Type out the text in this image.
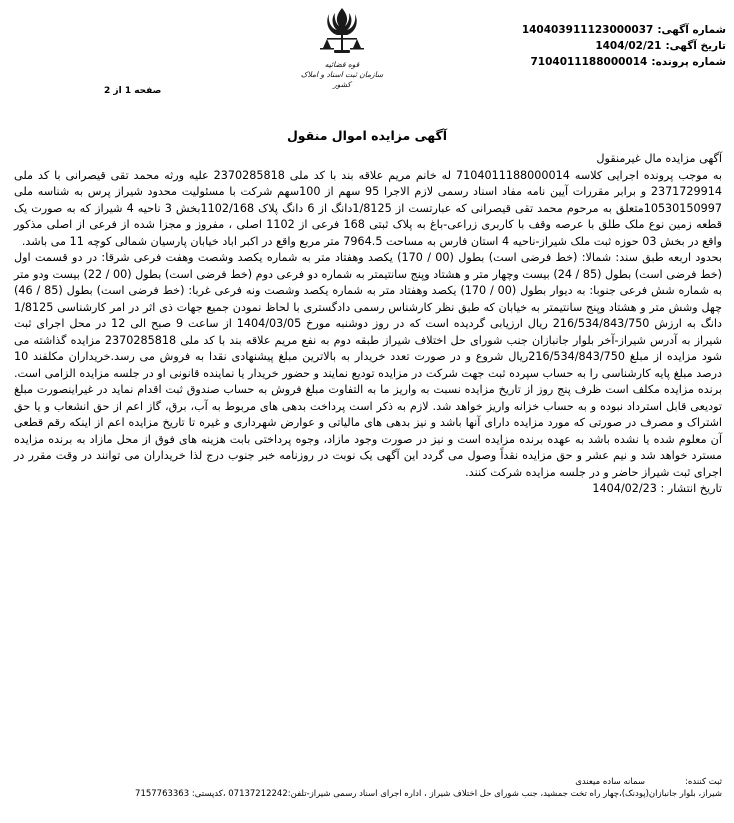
شماره آگهی:
140403911123000037
تاریخ آگهی:
1404/02/21
شماره پرونده:
7104011188000014
قوه قضائیه
سازمان ثبت اسناد و املاک کشور
صفحه 1 از 2
آگهی مزایده اموال منقول

آگهی مزایده مال غیرمنقول

به موجب پرونده اجرایی کلاسه 7104011188000014 له خانم مریم علاقه بند با کد ملی 2370285818 علیه ورثه محمد تقی قیصرانی با کد ملی 2371729914 و برابر مقررات آیین نامه مفاد اسناد رسمی لازم الاجرا 95 سهم از 100سهم شرکت با مسئولیت محدود شیراز پرس به شناسه ملی 10530150997متعلق به مرحوم محمد تقی قیصرانی که عبارتست از 1/8125دانگ از 6 دانگ پلاک 1102/168بخش 3 ناحیه 4 شیراز که به صورت یک قطعه زمین نوع ملک طلق با عرصه وقف با کاربری زراعی-باغ به پلاک ثبتی 168 فرعی از 1102 اصلی ، مفروز و مجزا شده از فرعی از اصلی مذکور واقع در بخش 03 حوزه ثبت ملک شیراز-ناحیه 4 استان فارس به مساحت 7964.5 متر مربع واقع در اکبر اباد خیابان پارسیان شمالی کوچه 11 می باشد.

بحدود اربعه طبق سند: شمالا: (خط فرضی است) بطول (00 / 170) یکصد وهفتاد متر به شماره یکصد وشصت وهفت فرعی شرقا: در دو قسمت اول (خط فرضی است) بطول (85 / 24) بیست وچهار متر و هشتاد وپنج سانتیمتر به شماره دو فرعی دوم (خط فرضی است) بطول (00 / 22) بیست ودو متر به شماره شش فرعی جنوبا: به دیوار بطول (00 / 170) یکصد وهفتاد متر به شماره یکصد وشصت ونه فرعی غربا: (خط فرضی است) بطول (85 / 46) چهل وشش متر و هشتاد وپنج سانتیمتر به خیابان که طبق نظر کارشناس رسمی دادگستری با لحاظ نمودن جمیع جهات ذی اثر در امر کارشناسی 1/8125 دانگ به ارزش 216/534/843/750 ریال ارزیابی گردیده است که در روز دوشنبه مورخ 1404/03/05 از ساعت 9 صبح الی 12 در محل اجرای ثبت شیراز به آدرس شیراز-آخر بلوار جانبازان جنب شورای حل اختلاف شیراز طبقه دوم به نفع مریم علاقه بند با کد ملی 2370285818 مزایده گذاشته می شود مزایده از مبلغ 216/534/843/750ریال شروع و در صورت تعدد خریدار به بالاترین مبلغ پیشنهادی نقدا به فروش می رسد.خریداران مکلفند 10 درصد مبلغ پایه کارشناسی را به حساب سپرده ثبت جهت شرکت در مزایده تودیع نمایند و حضور خریدار یا نماینده قانونی او در جلسه مزایده الزامی است. برنده مزایده مکلف است ظرف پنج روز از تاریخ مزایده نسبت به واریز ما به التفاوت مبلغ فروش به حساب صندوق ثبت اقدام نماید در غیراینصورت مبلغ تودیعی قابل استرداد نبوده و به حساب خزانه واریز خواهد شد. لازم به ذکر است پرداخت بدهی های مربوط به آب، برق، گاز اعم از حق انشعاب و یا حق اشتراک و مصرف در صورتی که مورد مزایده دارای آنها باشد و نیز بدهی های مالیاتی و عوارض شهرداری و غیره تا تاریخ مزایده اعم از اینکه رقم قطعی آن معلوم شده یا نشده باشد به عهده برنده مزایده است و نیز در صورت وجود مازاد، وجوه پرداختی بابت هزینه های فوق از محل مازاد به برنده مزایده مسترد خواهد شد و نیم عشر و حق مزایده نقداً وصول می گردد این آگهی یک نوبت در روزنامه خبر جنوب درج لذا خریداران می توانند در وقت مقرر در اجرای ثبت شیراز حاضر و در جلسه مزایده شرکت کنند.

تاریخ انتشار : 1404/02/23

ثبت کننده:
سمانه ساده میعندی
شیراز، بلوار جانبازان(پودنک)،چهار راه تخت جمشید، جنب شورای حل اختلاف شیراز ، اداره اجرای اسناد رسمی شیراز-تلفن:07137212242 ،کدپستی: 7157763363
